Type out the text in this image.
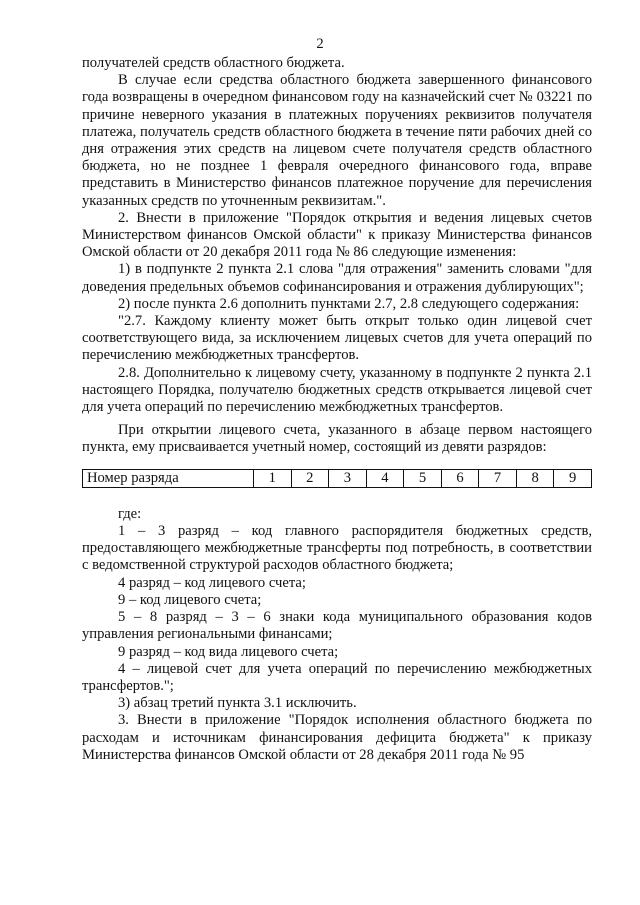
2

получателей средств областного бюджета.

В случае если средства областного бюджета завершенного финансового года возвращены в очередном финансовом году на казначейский счет № 03221 по причине неверного указания в платежных поручениях реквизитов получателя платежа, получатель средств областного бюджета в течение пяти рабочих дней со дня отражения этих средств на лицевом счете получателя средств областного бюджета, но не позднее 1 февраля очередного финансового года, вправе представить в Министерство финансов платежное поручение для перечисления указанных средств по уточненным реквизитам.".

2. Внести в приложение "Порядок открытия и ведения лицевых счетов Министерством финансов Омской области" к приказу Министерства финансов Омской области от 20 декабря 2011 года № 86 следующие изменения:

1) в подпункте 2 пункта 2.1 слова "для отражения" заменить словами "для доведения предельных объемов софинансирования и отражения дублирующих";

2) после пункта 2.6 дополнить пунктами 2.7, 2.8 следующего содержания:

"2.7. Каждому клиенту может быть открыт только один лицевой счет соответствующего вида, за исключением лицевых счетов для учета операций по перечислению межбюджетных трансфертов.

2.8. Дополнительно к лицевому счету, указанному в подпункте 2 пункта 2.1 настоящего Порядка, получателю бюджетных средств открывается лицевой счет для учета операций по перечислению межбюджетных трансфертов.

При открытии лицевого счета, указанного в абзаце первом настоящего пункта, ему присваивается учетный номер, состоящий из девяти разрядов:

Номер разряда	1	2	3	4	5	6	7	8	9

где:

1 – 3 разряд – код главного распорядителя бюджетных средств, предоставляющего межбюджетные трансферты под потребность, в соответствии с ведомственной структурой расходов областного бюджета;

4 разряд – код лицевого счета;

9 – код лицевого счета;

5 – 8 разряд – 3 – 6 знаки кода муниципального образования кодов управления региональными финансами;

9 разряд – код вида лицевого счета;

4 – лицевой счет для учета операций по перечислению межбюджетных трансфертов.";

3) абзац третий пункта 3.1 исключить.

3. Внести в приложение "Порядок исполнения областного бюджета по расходам и источникам финансирования дефицита бюджета" к приказу Министерства финансов Омской области от 28 декабря 2011 года № 95
